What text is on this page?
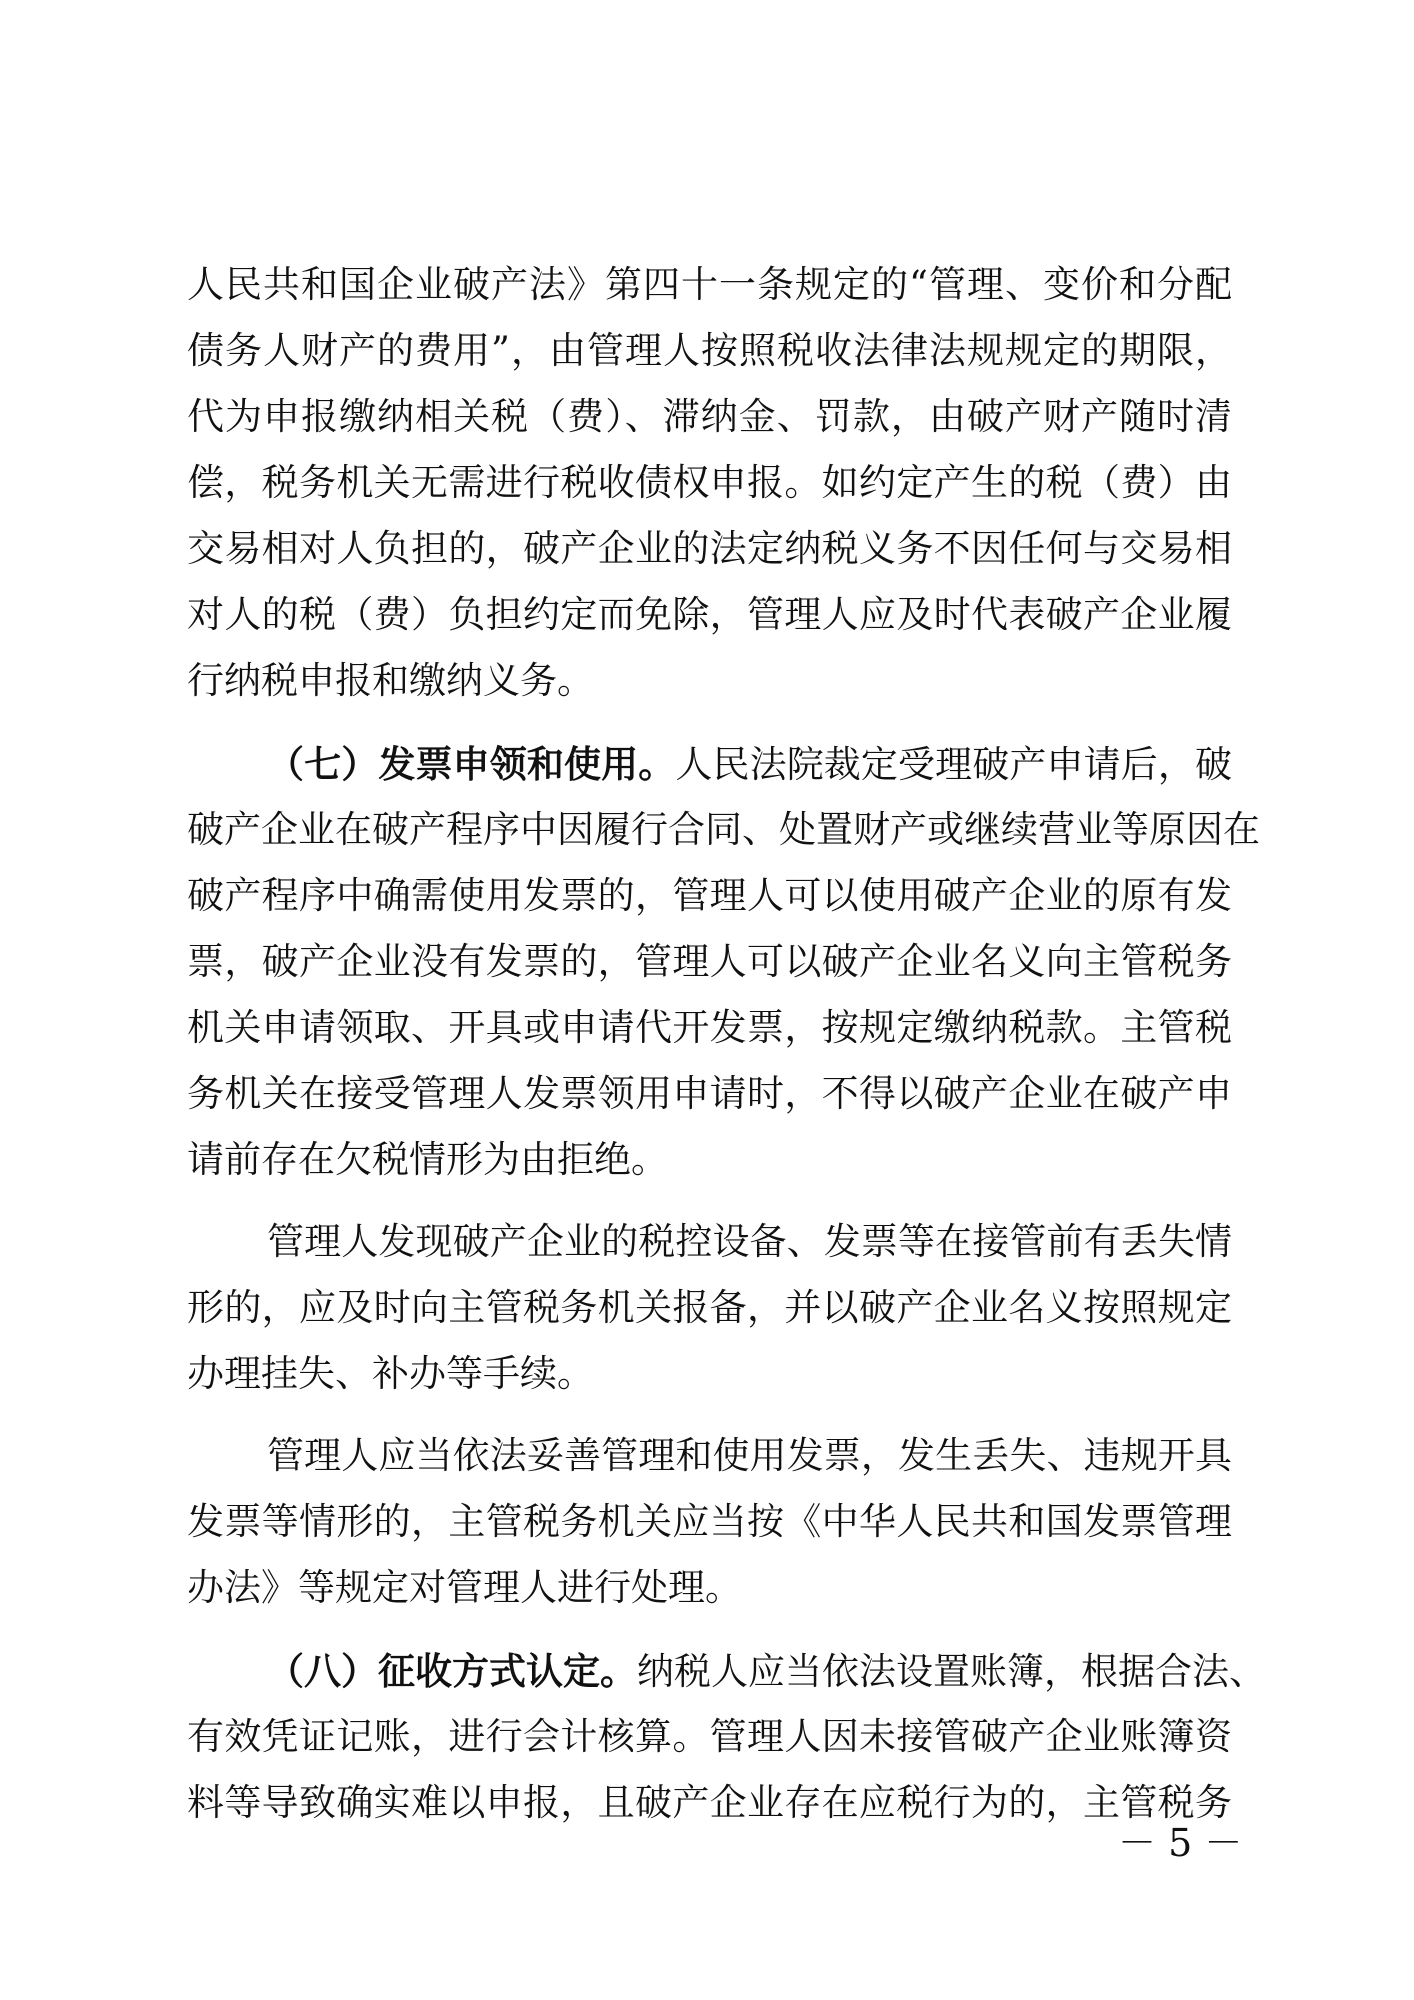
人民共和国企业破产法》第四十一条规定的“管理、变价和分配
债务人财产的费用”，由管理人按照税收法律法规规定的期限，
代为申报缴纳相关税（费）、滞纳金、罚款，由破产财产随时清
偿，税务机关无需进行税收债权申报。如约定产生的税（费）由
交易相对人负担的，破产企业的法定纳税义务不因任何与交易相
对人的税（费）负担约定而免除，管理人应及时代表破产企业履
行纳税申报和缴纳义务。
（七）发票申领和使用。人民法院裁定受理破产申请后，破
破产企业在破产程序中因履行合同、处置财产或继续营业等原因在
破产程序中确需使用发票的，管理人可以使用破产企业的原有发
票，破产企业没有发票的，管理人可以破产企业名义向主管税务
机关申请领取、开具或申请代开发票，按规定缴纳税款。主管税
务机关在接受管理人发票领用申请时，不得以破产企业在破产申
请前存在欠税情形为由拒绝。
管理人发现破产企业的税控设备、发票等在接管前有丢失情
形的，应及时向主管税务机关报备，并以破产企业名义按照规定
办理挂失、补办等手续。
管理人应当依法妥善管理和使用发票，发生丢失、违规开具
发票等情形的，主管税务机关应当按《中华人民共和国发票管理
办法》等规定对管理人进行处理。
（八）征收方式认定。纳税人应当依法设置账簿，根据合法、
有效凭证记账，进行会计核算。管理人因未接管破产企业账簿资
料等导致确实难以申报，且破产企业存在应税行为的，主管税务
－ 5 －
